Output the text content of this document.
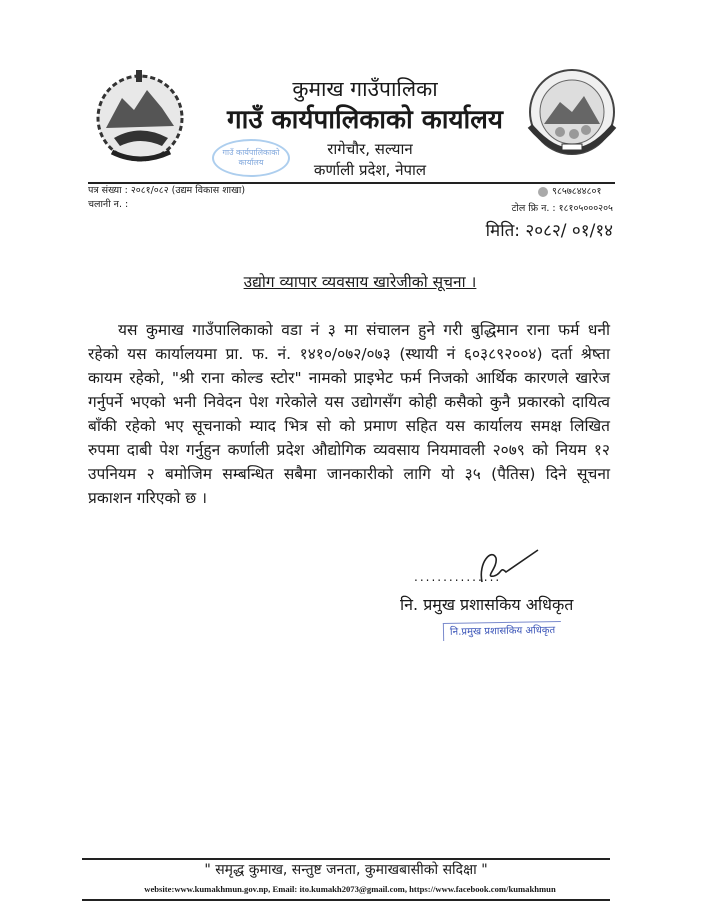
कुमाख गाउँपालिका
गाउँ कार्यपालिकाको कार्यालय
रागेचौर, सल्यान
कर्णाली प्रदेश, नेपाल
गाउँ कार्यपालिकाको कार्यालय
पत्र संख्या : २०८१/०८२ (उद्यम विकास शाखा)
चलानी न. :
९८५७८४४८०१
टोल फ्रि न. : १८१०५०००२०५
मिति: २०८२/ ०१/१४
उद्योग व्यापार व्यवसाय खारेजीको सूचना ।
यस कुमाख गाउँपालिकाको वडा नं ३ मा संचालन हुने गरी बुद्धिमान राना फर्म धनी
रहेको यस कार्यालयमा प्रा. फ. नं. १४१०/०७२/०७३ (स्थायी नं ६०३८९२००४) दर्ता श्रेष्ता
कायम रहेको, "श्री राना कोल्ड स्टोर" नामको प्राइभेट फर्म निजको आर्थिक कारणले खारेज
गर्नुपर्ने भएको भनी निवेदन पेश गरेकोले यस उद्योगसँग कोही कसैको कुनै प्रकारको दायित्व
बाँकी रहेको भए सूचनाको म्याद भित्र सो को प्रमाण सहित यस कार्यालय समक्ष लिखित
रुपमा दाबी पेश गर्नुहुन कर्णाली प्रदेश औद्योगिक व्यवसाय नियमावली २०७९ को नियम १२
उपनियम २ बमोजिम सम्बन्धित सबैमा जानकारीको लागि यो ३५ (पैतिस) दिने सूचना
प्रकाशन गरिएको छ ।
...............
नि. प्रमुख प्रशासकिय अधिकृत
नि.प्रमुख प्रशासकिय अधिकृत
" समृद्ध कुमाख, सन्तुष्ट जनता, कुमाखबासीको सदिक्षा "
website:www.kumakhmun.gov.np, Email: ito.kumakh2073@gmail.com, https://www.facebook.com/kumakhmun
